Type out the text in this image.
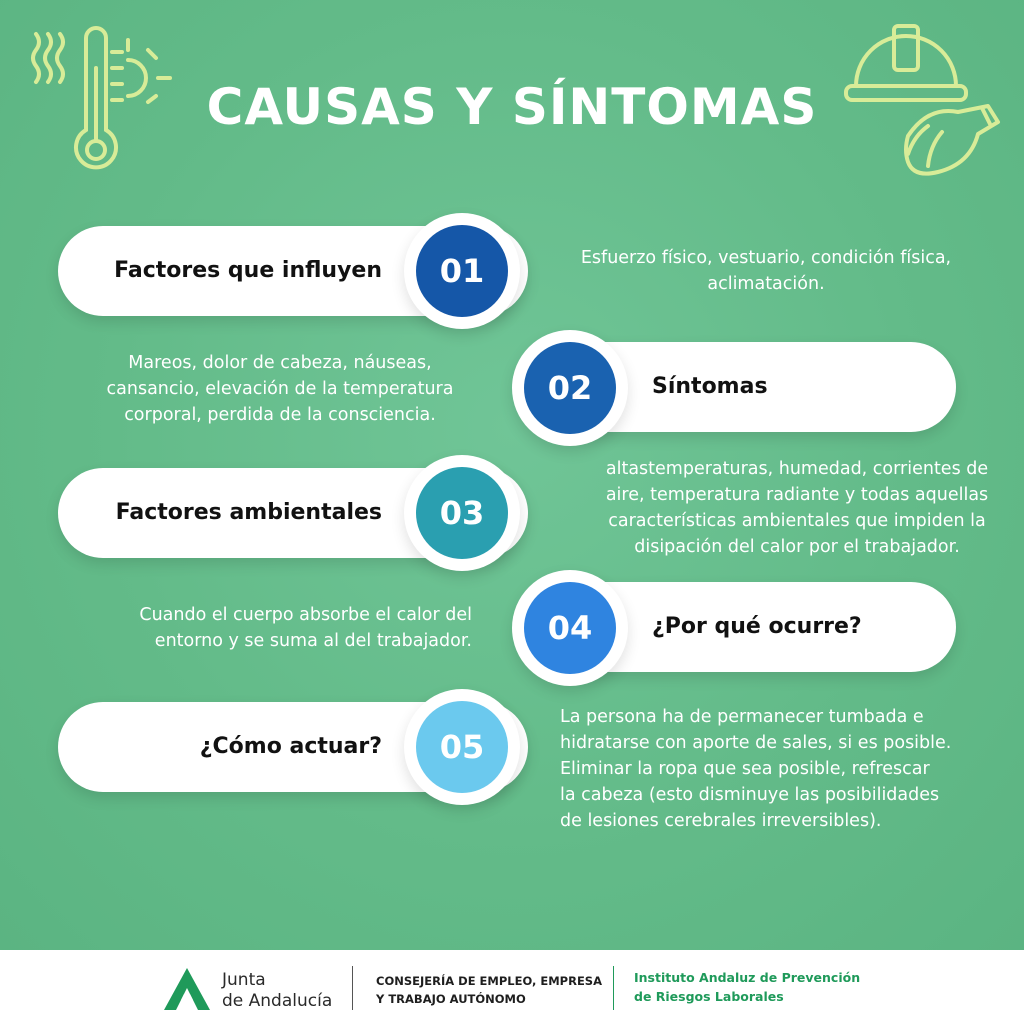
CAUSAS Y SÍNTOMAS
Factores que influyen	01	Esfuerzo físico, vestuario, condición física,
aclimatación.
Síntomas
02
Mareos, dolor de cabeza, náuseas,
cansancio, elevación de la temperatura
corporal, perdida de la consciencia.
Factores ambientales	03
altastemperaturas, humedad, corrientes de
aire, temperatura radiante y todas aquellas
características ambientales que impiden la
disipación del calor por el trabajador.
¿Por qué ocurre?
04
Cuando el cuerpo absorbe el calor del
entorno y se suma al del trabajador.
¿Cómo actuar?	05
La persona ha de permanecer tumbada e
hidratarse con aporte de sales, si es posible.
Eliminar la ropa que sea posible, refrescar
la cabeza (esto disminuye las posibilidades
de lesiones cerebrales irreversibles).
Junta
de Andalucía
CONSEJERÍA DE EMPLEO, EMPRESA
Y TRABAJO AUTÓNOMO
Instituto Andaluz de Prevención
de Riesgos Laborales
